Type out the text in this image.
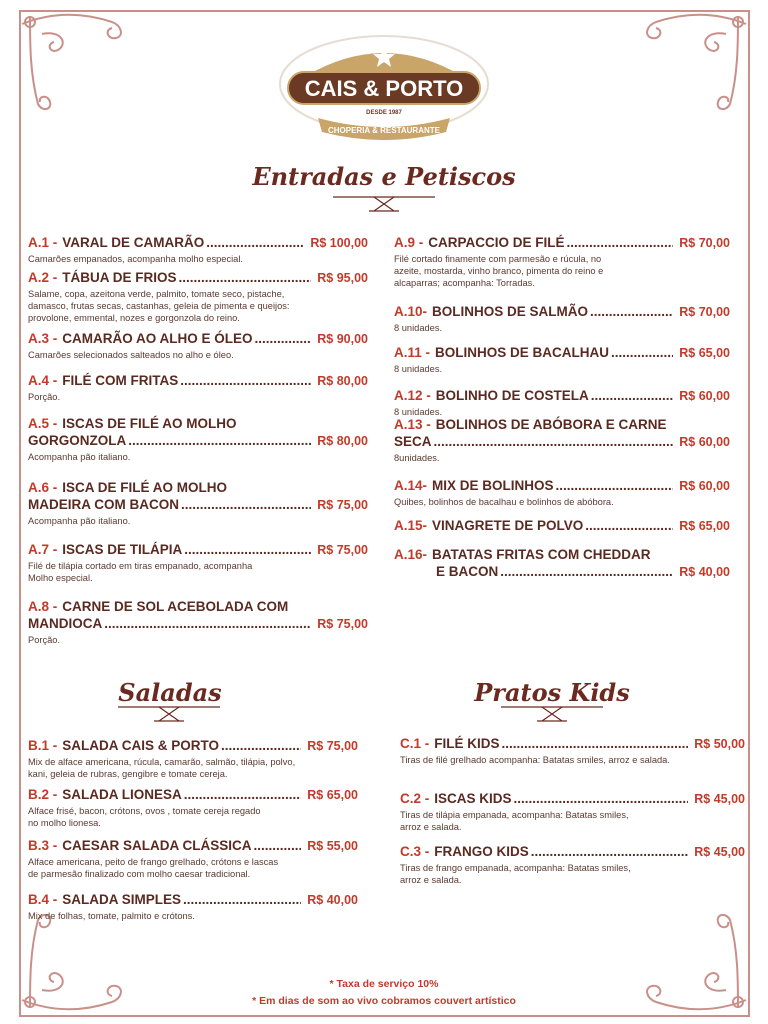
CAIS & PORTO
DESDE 1987
CHOPERIA & RESTAURANTE
Entradas e Petiscos
A.1 - VARAL DE CAMARÃO .....	R$ 100,00
Camarões empanados, acompanha molho especial.
A.2 - TÁBUA DE FRIOS .....	R$ 95,00
Salame, copa, azeitona verde, palmito, tomate seco, pistache,
damasco, frutas secas, castanhas, geleia de pimenta e queijos:
provolone, emmental, nozes e gorgonzola do reino.
A.3 - CAMARÃO AO ALHO E ÓLEO .....	R$ 90,00
Camarões selecionados salteados no alho e óleo.
A.4 - FILÉ COM FRITAS .....	R$ 80,00
Porção.
A.5 - ISCAS DE FILÉ AO MOLHO
GORGONZOLA .....	R$ 80,00
Acompanha pão italiano.
A.6 - ISCA DE FILÉ AO MOLHO
MADEIRA COM BACON .....	R$ 75,00
Acompanha pão italiano.
A.7 - ISCAS DE TILÁPIA .....	R$ 75,00
Filé de tilápia cortado em tiras empanado, acompanha
Molho especial.
A.8 - CARNE DE SOL ACEBOLADA COM
MANDIOCA .....	R$ 75,00
Porção.
A.9 - CARPACCIO DE FILÉ .....	R$ 70,00
Filé cortado finamente com parmesão e rúcula, no
azeite, mostarda, vinho branco, pimenta do reino e
alcaparras; acompanha: Torradas.
A.10- BOLINHOS DE SALMÃO .....	R$ 70,00
8 unidades.
A.11 - BOLINHOS DE BACALHAU .....	R$ 65,00
8 unidades.
A.12 - BOLINHO DE COSTELA .....	R$ 60,00
8 unidades.
A.13 - BOLINHOS DE ABÓBORA E CARNE
SECA .....	R$ 60,00
8unidades.
A.14- MIX DE BOLINHOS .....	R$ 60,00
Quibes, bolinhos de bacalhau e bolinhos de abóbora.
A.15- VINAGRETE DE POLVO .....	R$ 65,00
A.16- BATATAS FRITAS COM CHEDDAR
E BACON .....	R$ 40,00
Saladas	Pratos Kids
B.1 - SALADA CAIS & PORTO .....	R$ 75,00
Mix de alface americana, rúcula, camarão, salmão, tilápia, polvo,
kani, geleia de rubras, gengibre e tomate cereja.
B.2 - SALADA LIONESA .....	R$ 65,00
Alface frisé, bacon, crótons, ovos , tomate cereja regado
no molho lionesa.
B.3 - CAESAR SALADA CLÁSSICA .....	R$ 55,00
Alface americana, peito de frango grelhado, crótons e lascas
de parmesão finalizado com molho caesar tradicional.
B.4 - SALADA SIMPLES .....	R$ 40,00
Mix de folhas, tomate, palmito e crótons.
C.1 - FILÉ KIDS .....	R$ 50,00
Tiras de filé grelhado acompanha: Batatas smiles, arroz e salada.
C.2 - ISCAS KIDS .....	R$ 45,00
Tiras de tilápia empanada, acompanha: Batatas smiles,
arroz e salada.
C.3 - FRANGO KIDS .....	R$ 45,00
Tiras de frango empanada, acompanha: Batatas smiles,
arroz e salada.
* Taxa de serviço 10%
* Em dias de som ao vivo cobramos couvert artístico
